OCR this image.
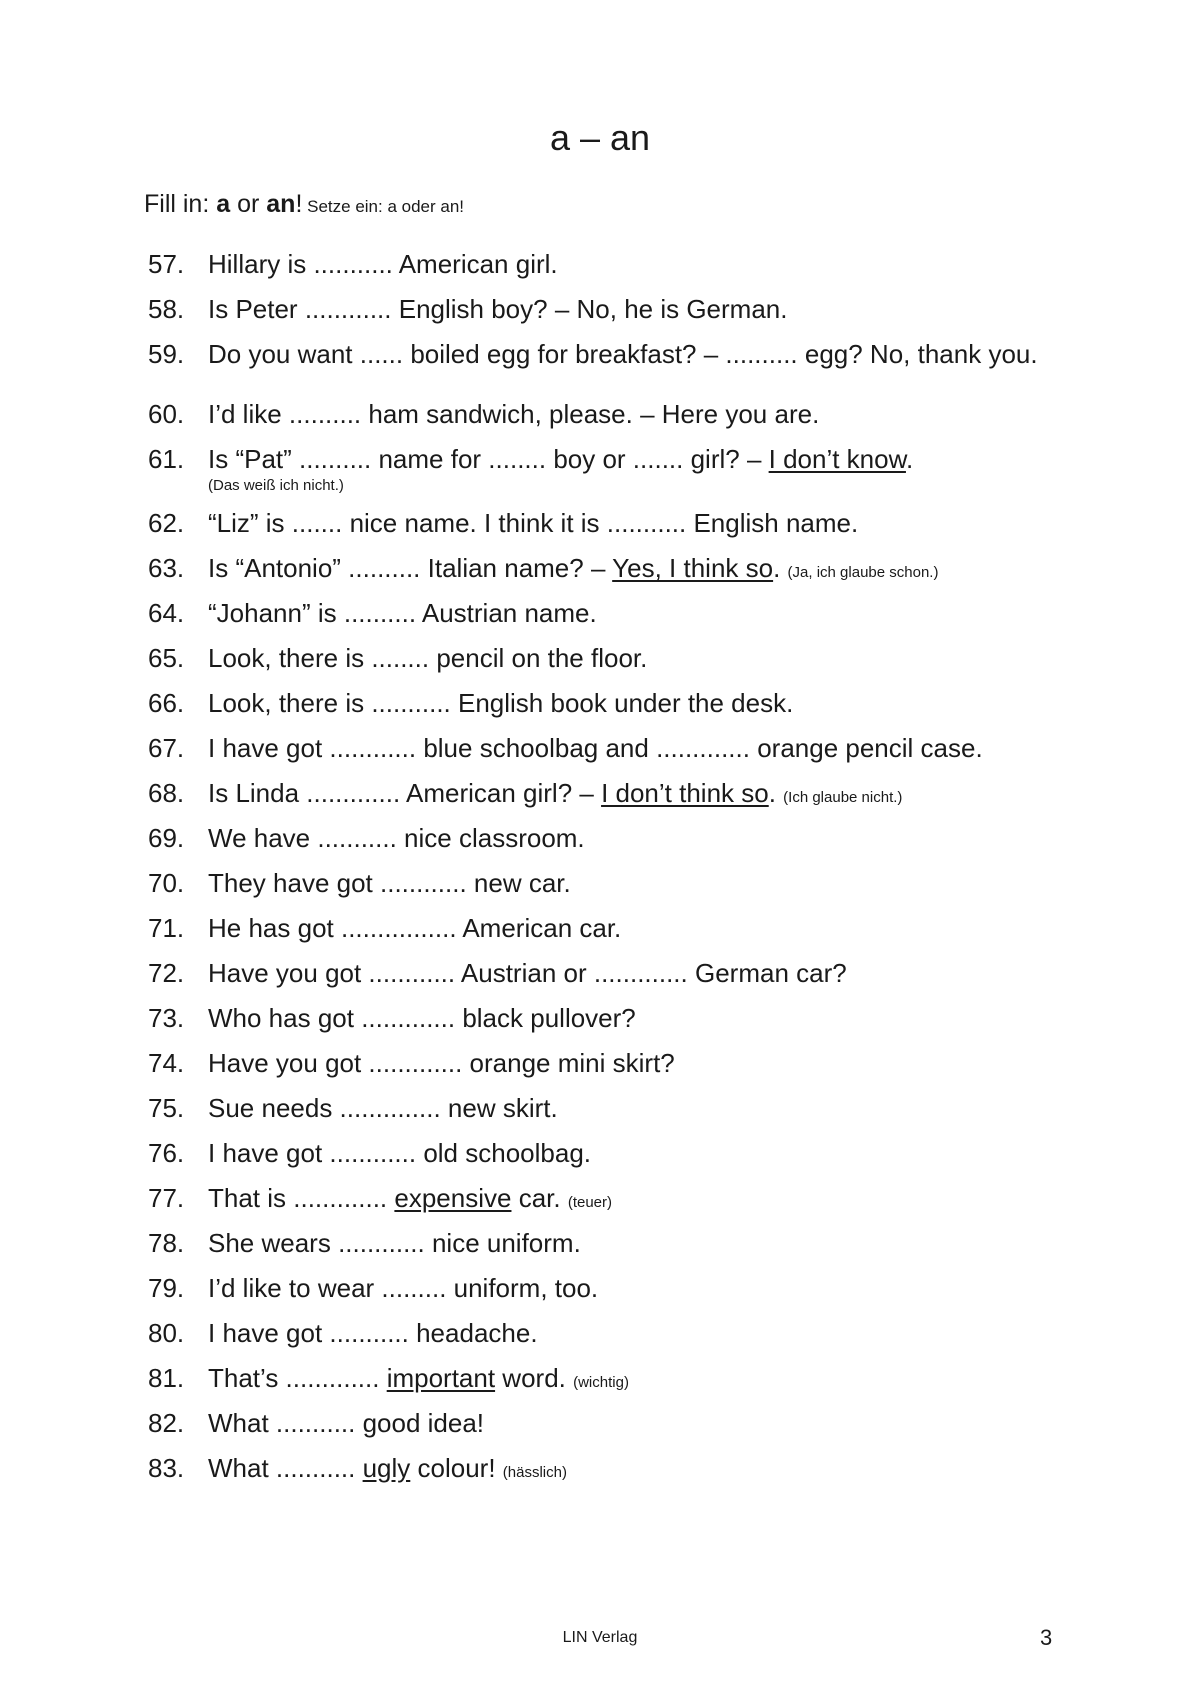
a – an
Fill in: a or an! Setze ein: a oder an!
57. Hillary is ........... American girl.
58. Is Peter ............ English boy? – No, he is German.
59. Do you want ...... boiled egg for breakfast? – .......... egg? No, thank you.
60. I’d like .......... ham sandwich, please. – Here you are.
61. Is “Pat” .......... name for ........ boy or ....... girl? – I don’t know.
(Das weiß ich nicht.)
62. “Liz” is ....... nice name. I think it is ........... English name.
63. Is “Antonio” .......... Italian name? – Yes, I think so. (Ja, ich glaube schon.)
64. “Johann” is .......... Austrian name.
65. Look, there is ........ pencil on the floor.
66. Look, there is ........... English book under the desk.
67. I have got ............ blue schoolbag and ............. orange pencil case.
68. Is Linda ............. American girl? – I don’t think so. (Ich glaube nicht.)
69. We have ........... nice classroom.
70. They have got ............ new car.
71. He has got ................ American car.
72. Have you got ............ Austrian or ............. German car?
73. Who has got ............. black pullover?
74. Have you got ............. orange mini skirt?
75. Sue needs .............. new skirt.
76. I have got ............ old schoolbag.
77. That is ............. expensive car. (teuer)
78. She wears ............ nice uniform.
79. I’d like to wear ......... uniform, too.
80. I have got ........... headache.
81. That’s ............. important word. (wichtig)
82. What ........... good idea!
83. What ........... ugly colour! (hässlich)
LIN Verlag	3
